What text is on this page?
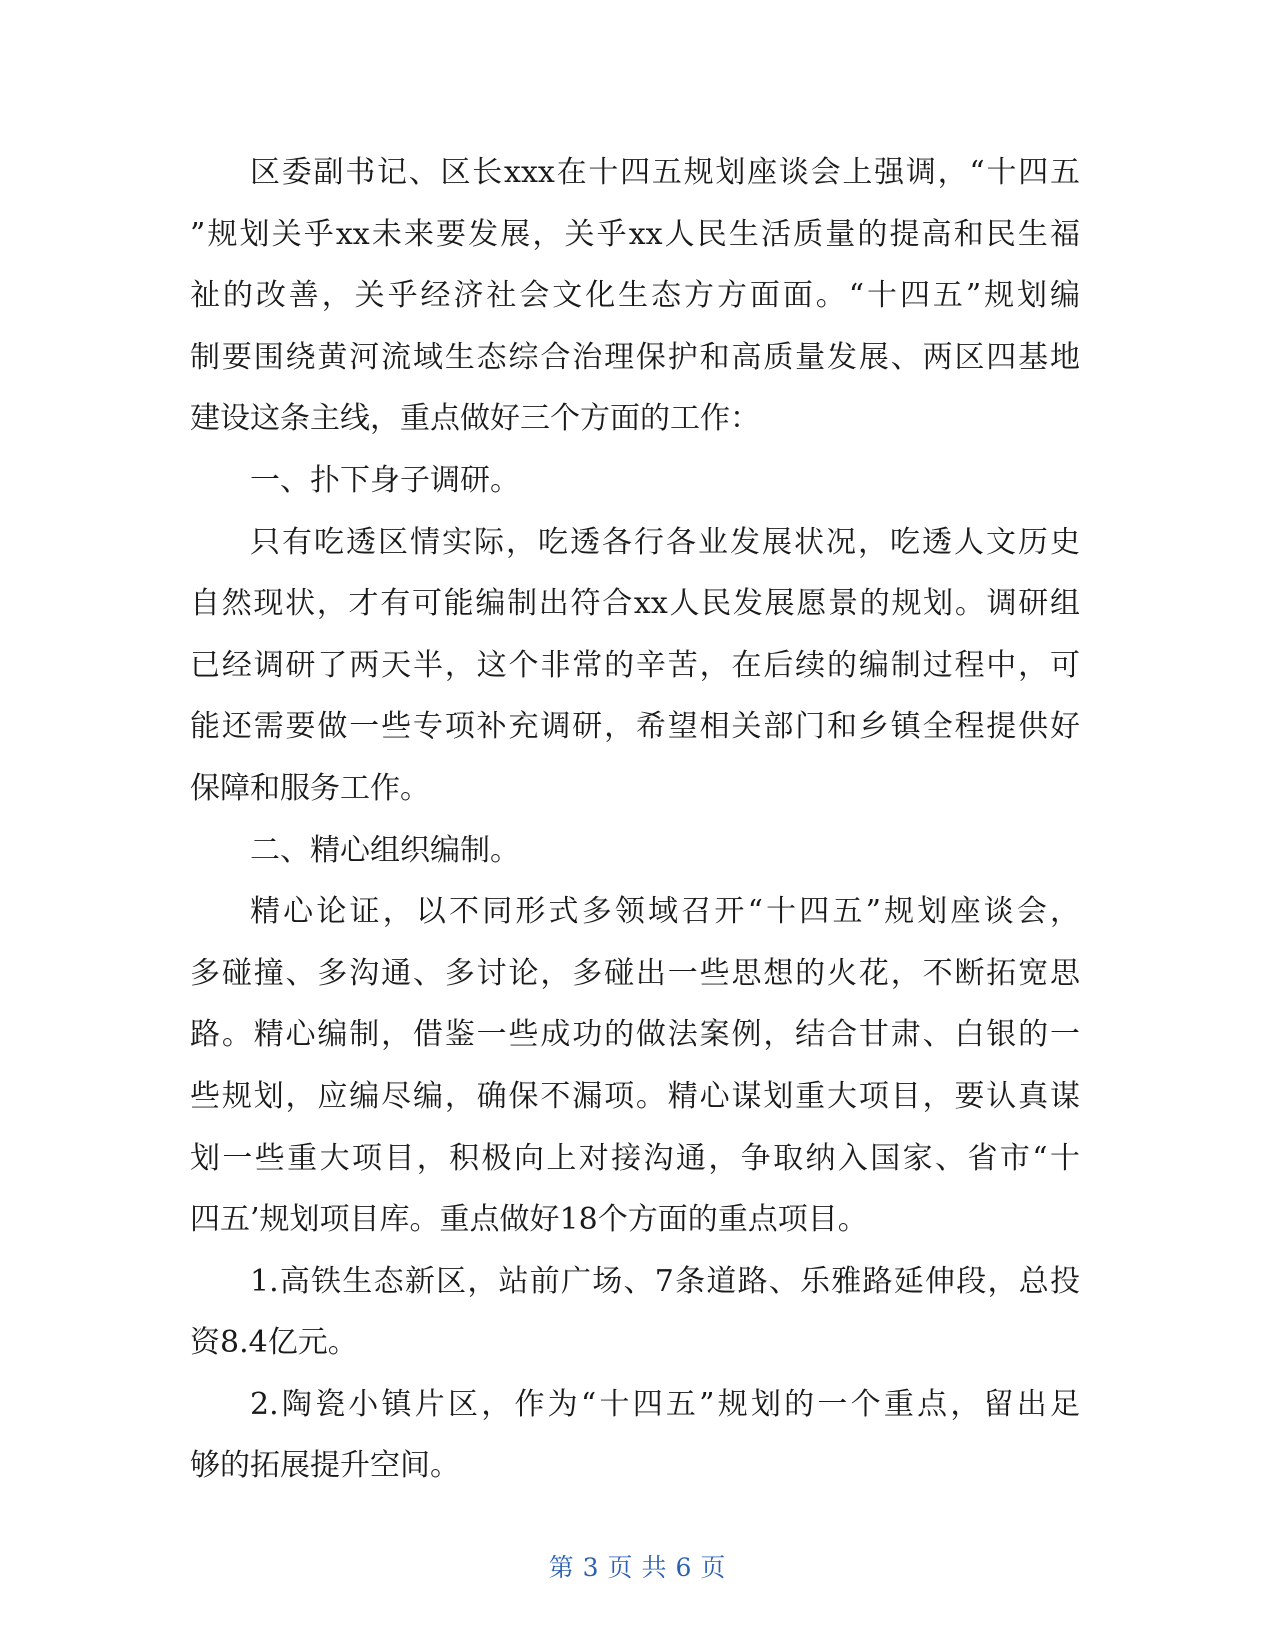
区委副书记、区长xxx在十四五规划座谈会上强调，“十四五
”规划关乎xx未来要发展，关乎xx人民生活质量的提高和民生福
祉的改善，关乎经济社会文化生态方方面面。“十四五”规划编
制要围绕黄河流域生态综合治理保护和高质量发展、两区四基地
建设这条主线，重点做好三个方面的工作：
一、扑下身子调研。
只有吃透区情实际，吃透各行各业发展状况，吃透人文历史
自然现状，才有可能编制出符合xx人民发展愿景的规划。调研组
已经调研了两天半，这个非常的辛苦，在后续的编制过程中，可
能还需要做一些专项补充调研，希望相关部门和乡镇全程提供好
保障和服务工作。
二、精心组织编制。
精心论证，以不同形式多领域召开“十四五”规划座谈会，
多碰撞、多沟通、多讨论，多碰出一些思想的火花，不断拓宽思
路。精心编制，借鉴一些成功的做法案例，结合甘肃、白银的一
些规划，应编尽编，确保不漏项。精心谋划重大项目，要认真谋
划一些重大项目，积极向上对接沟通，争取纳入国家、省市“十
四五’规划项目库。重点做好18个方面的重点项目。
1.高铁生态新区，站前广场、7条道路、乐雅路延伸段，总投
资8.4亿元。
2.陶瓷小镇片区，作为“十四五”规划的一个重点，留出足
够的拓展提升空间。
第 3 页 共 6 页
